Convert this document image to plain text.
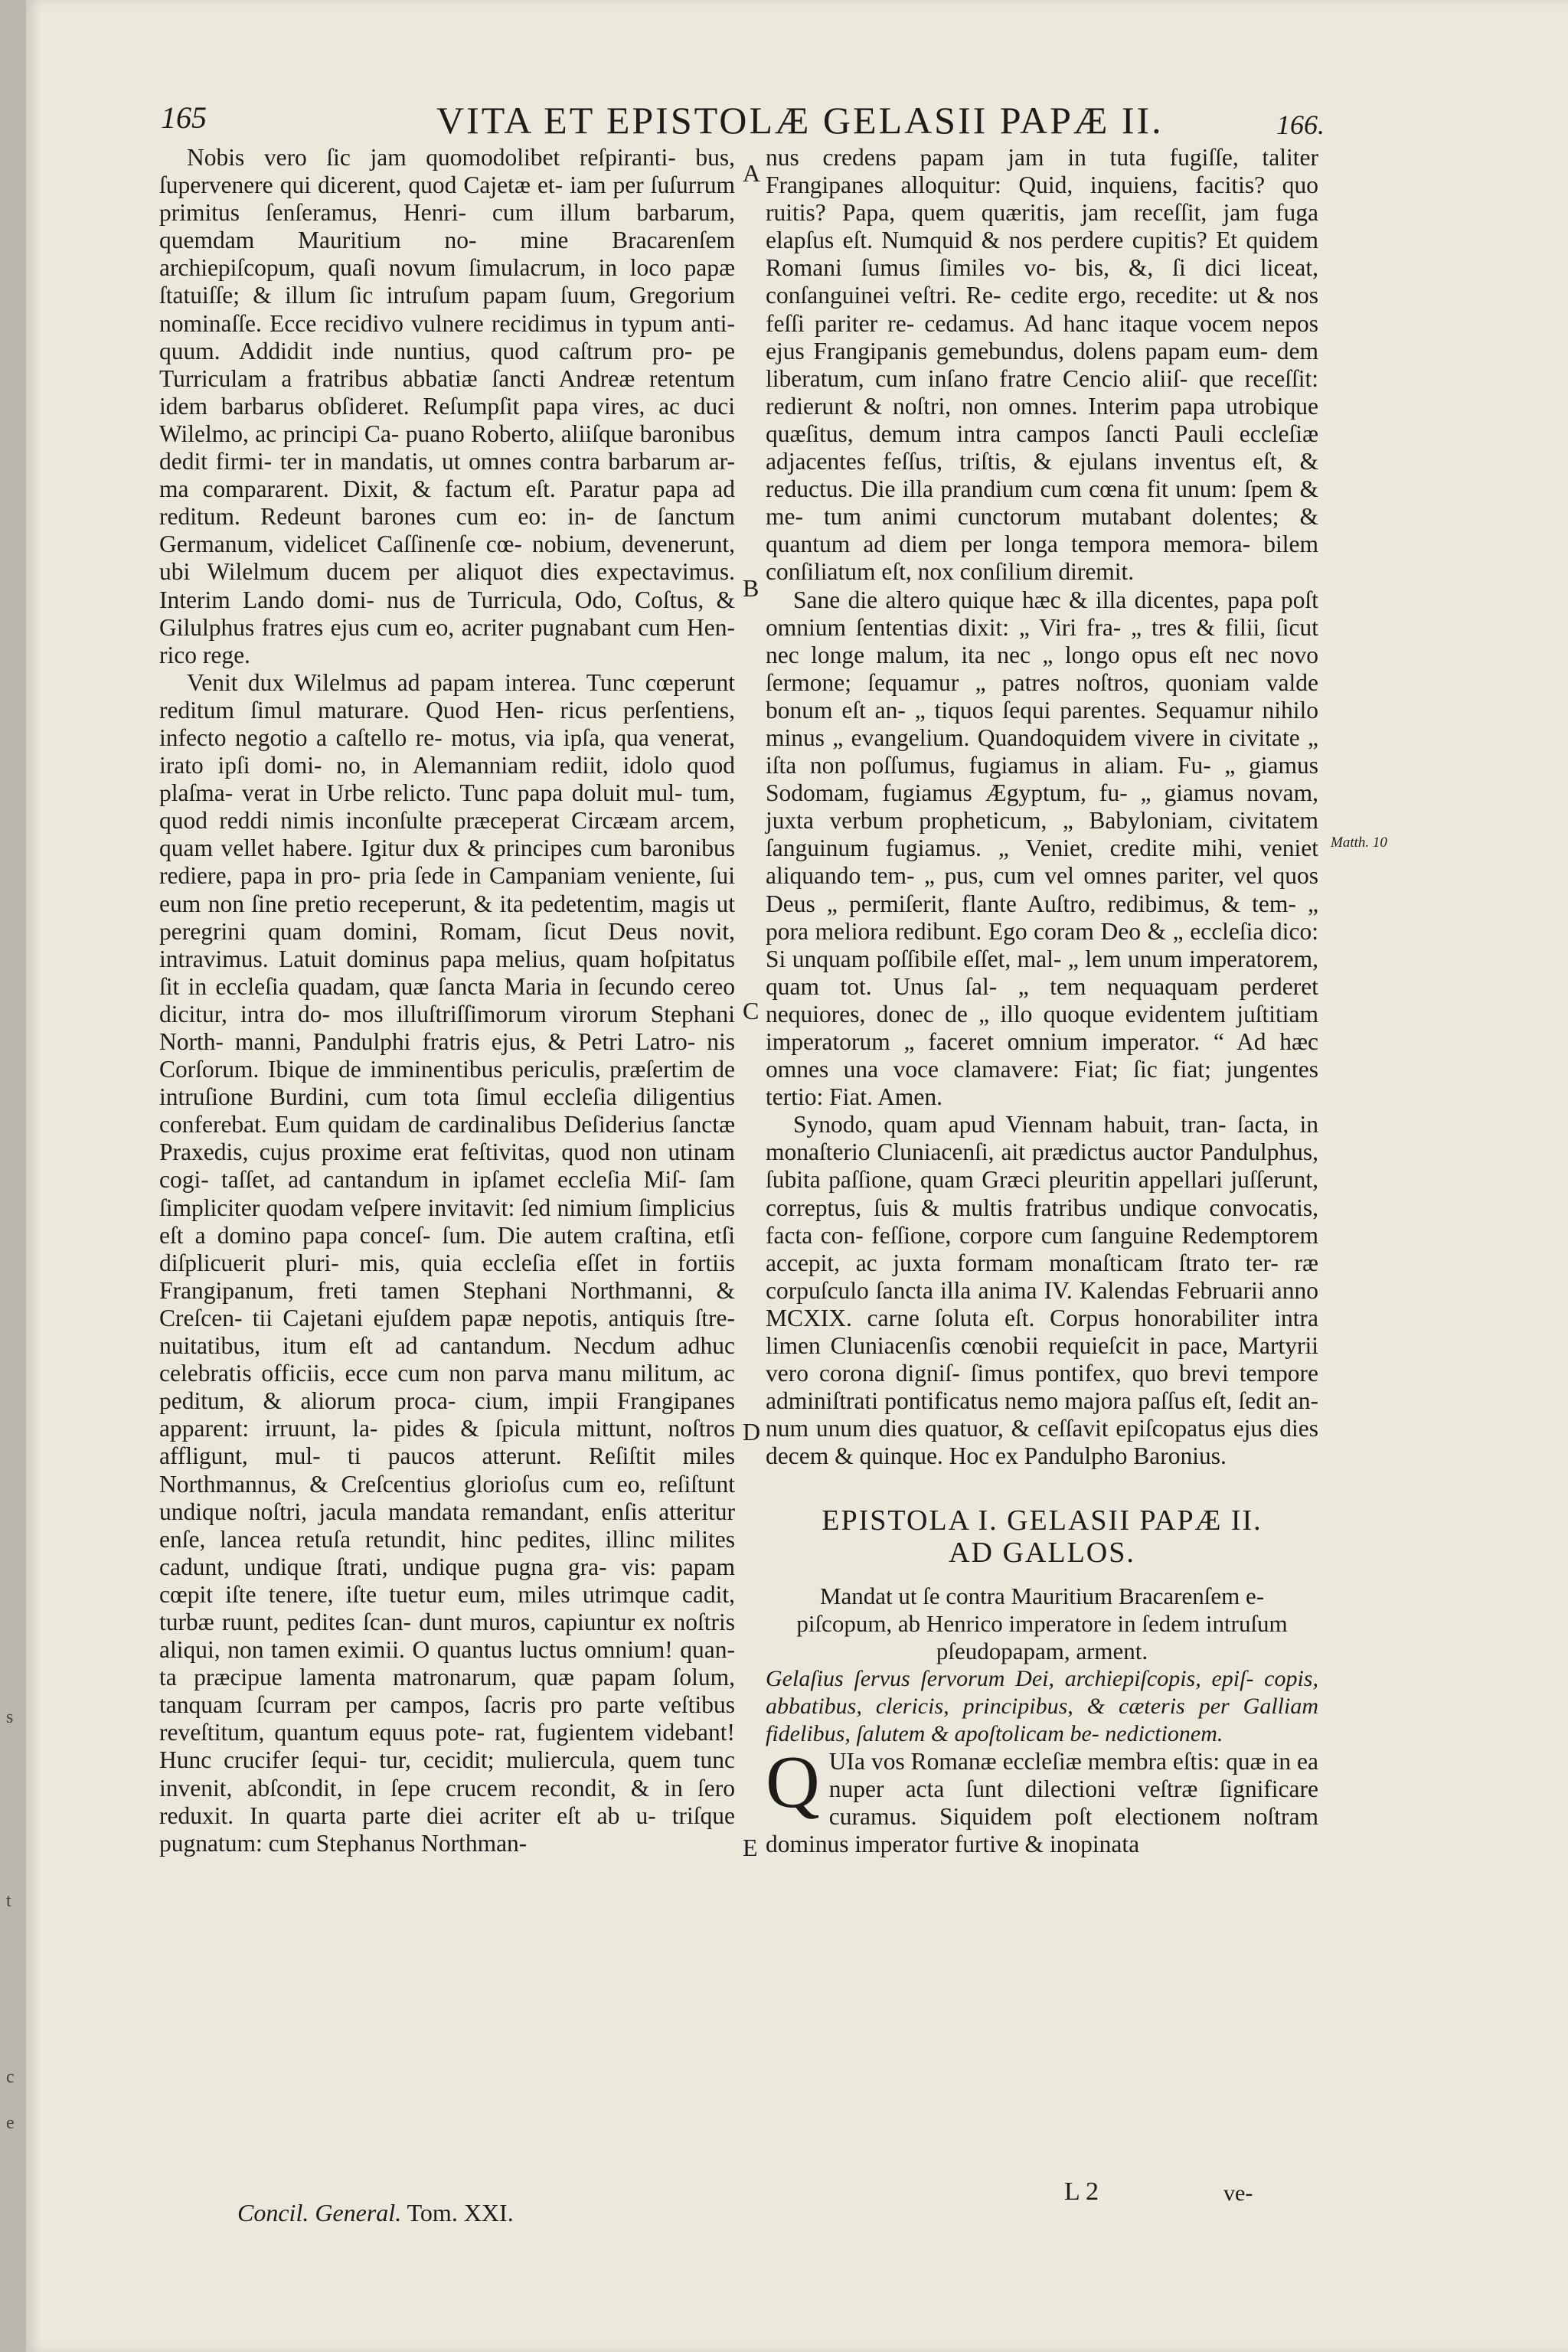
s
t
c
e
165	VITA ET EPISTOLÆ GELASII PAPÆ II.	166.

Nobis vero ſic jam quomodolibet reſpiranti- bus, ſupervenere qui dicerent, quod Cajetæ et- iam per ſuſurrum primitus ſenſeramus, Henri- cum illum barbarum, quemdam Mauritium no- mine Bracarenſem archiepiſcopum, quaſi novum ſimulacrum, in loco papæ ſtatuiſſe; & illum ſic intruſum papam ſuum, Gregorium nominaſſe. Ecce recidivo vulnere recidimus in typum anti- quum. Addidit inde nuntius, quod caſtrum pro- pe Turriculam a fratribus abbatiæ ſancti Andreæ retentum idem barbarus obſideret. Reſumpſit papa vires, ac duci Wilelmo, ac principi Ca- puano Roberto, aliiſque baronibus dedit firmi- ter in mandatis, ut omnes contra barbarum ar- ma compararent. Dixit, & factum eſt. Paratur papa ad reditum. Redeunt barones cum eo: in- de ſanctum Germanum, videlicet Caſſinenſe cœ- nobium, devenerunt, ubi Wilelmum ducem per aliquot dies expectavimus. Interim Lando domi- nus de Turricula, Odo, Coſtus, & Gilulphus fratres ejus cum eo, acriter pugnabant cum Hen- rico rege.

Venit dux Wilelmus ad papam interea. Tunc cœperunt reditum ſimul maturare. Quod Hen- ricus perſentiens, infecto negotio a caſtello re- motus, via ipſa, qua venerat, irato ipſi domi- no, in Alemanniam rediit, idolo quod plaſma- verat in Urbe relicto. Tunc papa doluit mul- tum, quod reddi nimis inconſulte præceperat Circæam arcem, quam vellet habere. Igitur dux & principes cum baronibus rediere, papa in pro- pria ſede in Campaniam veniente, ſui eum non ſine pretio receperunt, & ita pedetentim, magis ut peregrini quam domini, Romam, ſicut Deus novit, intravimus. Latuit dominus papa melius, quam hoſpitatus ſit in eccleſia quadam, quæ ſancta Maria in ſecundo cereo dicitur, intra do- mos illuſtriſſimorum virorum Stephani North- manni, Pandulphi fratris ejus, & Petri Latro- nis Corſorum. Ibique de imminentibus periculis, præſertim de intruſione Burdini, cum tota ſimul eccleſia diligentius conferebat. Eum quidam de cardinalibus Deſiderius ſanctæ Praxedis, cujus proxime erat feſtivitas, quod non utinam cogi- taſſet, ad cantandum in ipſamet eccleſia Miſ- ſam ſimpliciter quodam veſpere invitavit: ſed nimium ſimplicius eſt a domino papa conceſ- ſum. Die autem craſtina, etſi diſplicuerit pluri- mis, quia eccleſia eſſet in fortiis Frangipanum, freti tamen Stephani Northmanni, & Creſcen- tii Cajetani ejuſdem papæ nepotis, antiquis ſtre- nuitatibus, itum eſt ad cantandum. Necdum adhuc celebratis officiis, ecce cum non parva manu militum, ac peditum, & aliorum proca- cium, impii Frangipanes apparent: irruunt, la- pides & ſpicula mittunt, noſtros affligunt, mul- ti paucos atterunt. Reſiſtit miles Northmannus, & Creſcentius glorioſus cum eo, reſiſtunt undique noſtri, jacula mandata remandant, enſis atteritur enſe, lancea retuſa retundit, hinc pedites, illinc milites cadunt, undique ſtrati, undique pugna gra- vis: papam cœpit iſte tenere, iſte tuetur eum, miles utrimque cadit, turbæ ruunt, pedites ſcan- dunt muros, capiuntur ex noſtris aliqui, non tamen eximii. O quantus luctus omnium! quan- ta præcipue lamenta matronarum, quæ papam ſolum, tanquam ſcurram per campos, ſacris pro parte veſtibus reveſtitum, quantum equus pote- rat, fugientem videbant! Hunc crucifer ſequi- tur, cecidit; muliercula, quem tunc invenit, abſcondit, in ſepe crucem recondit, & in ſero reduxit. In quarta parte diei acriter eſt ab u- triſque pugnatum: cum Stephanus Northman-

A
B
C
D
E
Matth. 10

nus credens papam jam in tuta fugiſſe, taliter Frangipanes alloquitur: Quid, inquiens, facitis? quo ruitis? Papa, quem quæritis, jam receſſit, jam fuga elapſus eſt. Numquid & nos perdere cupitis? Et quidem Romani ſumus ſimiles vo- bis, &, ſi dici liceat, conſanguinei veſtri. Re- cedite ergo, recedite: ut & nos feſſi pariter re- cedamus. Ad hanc itaque vocem nepos ejus Frangipanis gemebundus, dolens papam eum- dem liberatum, cum inſano fratre Cencio aliiſ- que receſſit: redierunt & noſtri, non omnes. Interim papa utrobique quæſitus, demum intra campos ſancti Pauli eccleſiæ adjacentes feſſus, triſtis, & ejulans inventus eſt, & reductus. Die illa prandium cum cœna fit unum: ſpem & me- tum animi cunctorum mutabant dolentes; & quantum ad diem per longa tempora memora- bilem conſiliatum eſt, nox conſilium diremit.

Sane die altero quique hæc & illa dicentes, papa poſt omnium ſententias dixit: „ Viri fra- „ tres & filii, ſicut nec longe malum, ita nec „ longo opus eſt nec novo ſermone; ſequamur „ patres noſtros, quoniam valde bonum eſt an- „ tiquos ſequi parentes. Sequamur nihilo minus „ evangelium. Quandoquidem vivere in civitate „ iſta non poſſumus, fugiamus in aliam. Fu- „ giamus Sodomam, fugiamus Ægyptum, fu- „ giamus novam, juxta verbum propheticum, „ Babyloniam, civitatem ſanguinum fugiamus. „ Veniet, credite mihi, veniet aliquando tem- „ pus, cum vel omnes pariter, vel quos Deus „ permiſerit, flante Auſtro, redibimus, & tem- „ pora meliora redibunt. Ego coram Deo & „ eccleſia dico: Si unquam poſſibile eſſet, mal- „ lem unum imperatorem, quam tot. Unus ſal- „ tem nequaquam perderet nequiores, donec de „ illo quoque evidentem juſtitiam imperatorum „ faceret omnium imperator. “ Ad hæc omnes una voce clamavere: Fiat; ſic fiat; jungentes tertio: Fiat. Amen.

Synodo, quam apud Viennam habuit, tran- ſacta, in monaſterio Cluniacenſi, ait prædictus auctor Pandulphus, ſubita paſſione, quam Græci pleuritin appellari juſſerunt, correptus, ſuis & multis fratribus undique convocatis, facta con- feſſione, corpore cum ſanguine Redemptorem accepit, ac juxta formam monaſticam ſtrato ter- ræ corpuſculo ſancta illa anima IV. Kalendas Februarii anno MCXIX. carne ſoluta eſt. Corpus honorabiliter intra limen Cluniacenſis cœnobii requieſcit in pace, Martyrii vero corona digniſ- ſimus pontifex, quo brevi tempore adminiſtrati pontificatus nemo majora paſſus eſt, ſedit an- num unum dies quatuor, & ceſſavit epiſcopatus ejus dies decem & quinque. Hoc ex Pandulpho Baronius.

EPISTOLA I. GELASII PAPÆ II.
AD GALLOS.

Mandat ut ſe contra Mauritium Bracarenſem e- piſcopum, ab Henrico imperatore in ſedem intruſum pſeudopapam, arment.

Gelaſius ſervus ſervorum Dei, archiepiſcopis, epiſ- copis, abbatibus, clericis, principibus, & cæteris per Galliam fidelibus, ſalutem & apoſtolicam be- nedictionem.

Q UIa vos Romanæ eccleſiæ membra eſtis: quæ in ea nuper acta ſunt dilectioni veſtræ ſignificare curamus. Siquidem poſt electionem noſtram dominus imperator furtive & inopinata
Concil. General. Tom. XXI.
L 2	ve-
